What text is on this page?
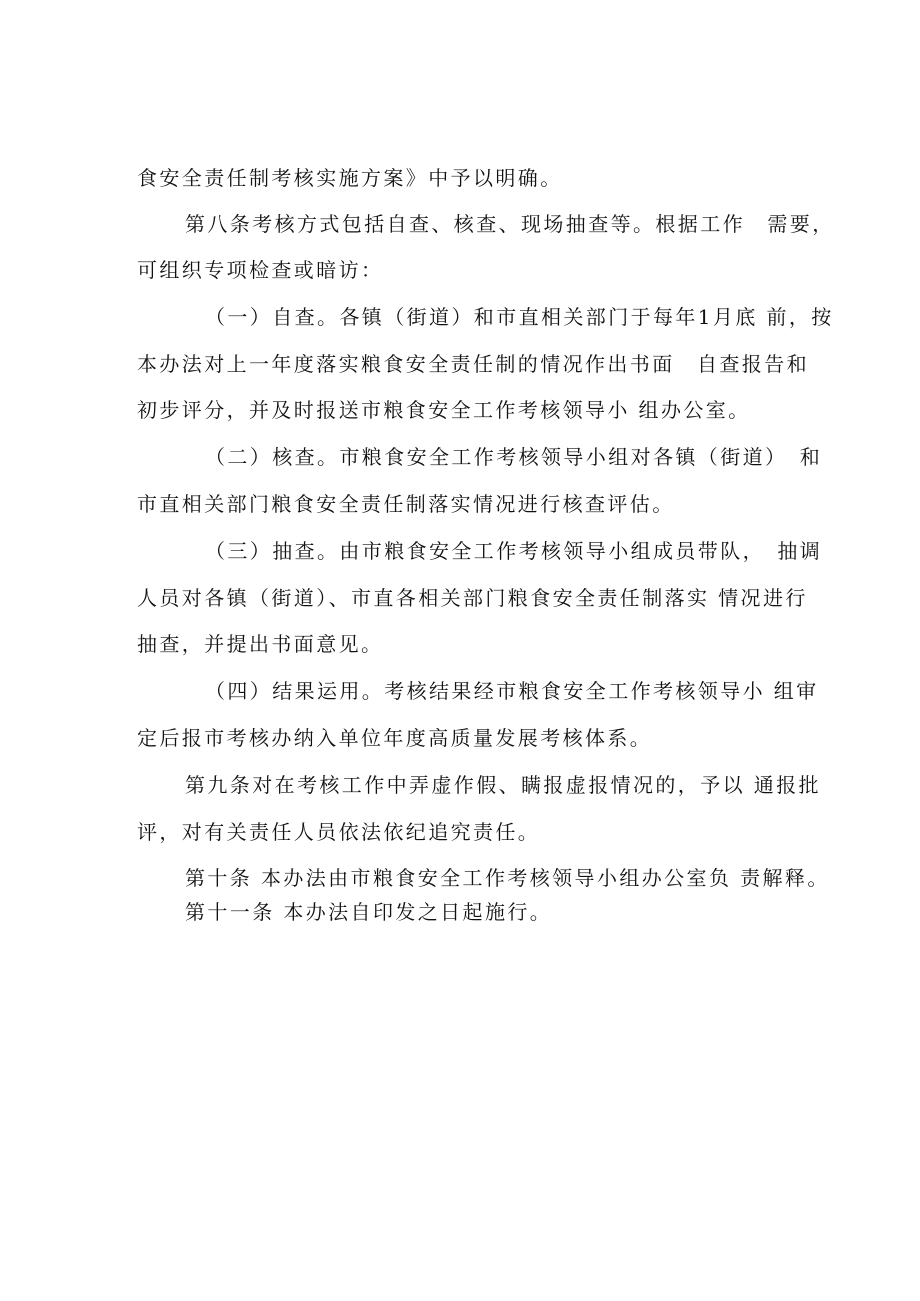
食安全责任制考核实施方案》中予以明确。
第八条考核方式包括自查、核查、现场抽查等。根据工作　需要，
可组织专项检查或暗访：
（一）自查。各镇（街道）和市直相关部门于每年1月底 前，按
本办法对上一年度落实粮食安全责任制的情况作出书面　自查报告和
初步评分，并及时报送市粮食安全工作考核领导小 组办公室。
（二）核查。市粮食安全工作考核领导小组对各镇（街道）　和
市直相关部门粮食安全责任制落实情况进行核查评估。
（三）抽查。由市粮食安全工作考核领导小组成员带队，　抽调
人员对各镇（街道）、市直各相关部门粮食安全责任制落实 情况进行
抽查，并提出书面意见。
（四）结果运用。考核结果经市粮食安全工作考核领导小 组审
定后报市考核办纳入单位年度高质量发展考核体系。
第九条对在考核工作中弄虚作假、瞒报虚报情况的，予以 通报批
评，对有关责任人员依法依纪追究责任。
第十条 本办法由市粮食安全工作考核领导小组办公室负 责解释。
第十一条 本办法自印发之日起施行。
